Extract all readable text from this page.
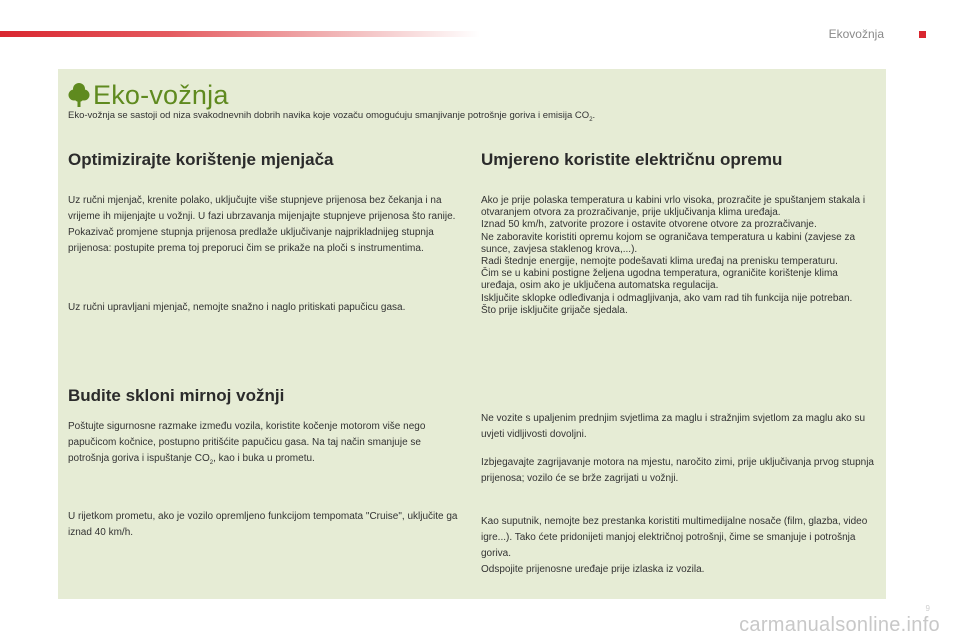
Ekovožnja
Eko-vožnja
Eko-vožnja se sastoji od niza svakodnevnih dobrih navika koje vozaču omogućuju smanjivanje potrošnje goriva i emisija $CO_2$.
Optimizirajte korištenje mjenjača

Uz ručni mjenjač, krenite polako, uključujte više stupnjeve prijenosa bez čekanja i na vrijeme ih mijenjajte u vožnji. U fazi ubrzavanja mijenjajte stupnjeve prijenosa što ranije.
Pokazivač promjene stupnja prijenosa predlaže uključivanje najprikladnijeg stupnja prijenosa: postupite prema toj preporuci čim se prikaže na ploči s instrumentima.

Uz ručni upravljani mjenjač, nemojte snažno i naglo pritiskati papučicu gasa.

Budite skloni mirnoj vožnji

Poštujte sigurnosne razmake između vozila, koristite kočenje motorom više nego papučicom kočnice, postupno pritišćite papučicu gasa. Na taj način smanjuje se potrošnja goriva i ispuštanje $CO_2$, kao i buka u prometu.

U rijetkom prometu, ako je vozilo opremljeno funkcijom tempomata "Cruise", uključite ga iznad 40 km/h.

Umjereno koristite električnu opremu

Ako je prije polaska temperatura u kabini vrlo visoka, prozračite je spuštanjem stakala i otvaranjem otvora za prozračivanje, prije uključivanja klima uređaja.
Iznad 50 km/h, zatvorite prozore i ostavite otvorene otvore za prozračivanje.
Ne zaboravite koristiti opremu kojom se ograničava temperatura u kabini (zavjese za sunce, zavjesa staklenog krova,...).
Radi štednje energije, nemojte podešavati klima uređaj na prenisku temperaturu.
Čim se u kabini postigne željena ugodna temperatura, ograničite korištenje klima uređaja, osim ako je uključena automatska regulacija.
Isključite sklopke odleđivanja i odmagljivanja, ako vam rad tih funkcija nije potreban.
Što prije isključite grijače sjedala.

Ne vozite s upaljenim prednjim svjetlima za maglu i stražnjim svjetlom za maglu ako su uvjeti vidljivosti dovoljni.

Izbjegavajte zagrijavanje motora na mjestu, naročito zimi, prije uključivanja prvog stupnja prijenosa; vozilo će se brže zagrijati u vožnji.

Kao suputnik, nemojte bez prestanka koristiti multimedijalne nosače (film, glazba, video igre...). Tako ćete pridonijeti manjoj električnoj potrošnji, čime se smanjuje i potrošnja goriva.
Odspojite prijenosne uređaje prije izlaska iz vozila.

9
carmanualsonline.info
